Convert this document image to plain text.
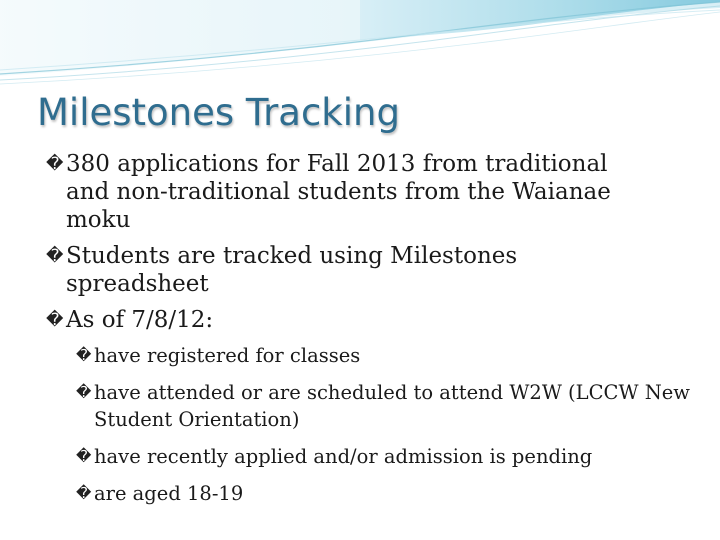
Milestones Tracking

� 380 applications for Fall 2013 from traditional and non-traditional students from the Waianae moku

� Students are tracked using Milestones spreadsheet

� As of 7/8/12:

� have registered for classes

� have attended or are scheduled to attend W2W (LCCW New Student Orientation)

� have recently applied and/or admission is pending

� are aged 18-19
